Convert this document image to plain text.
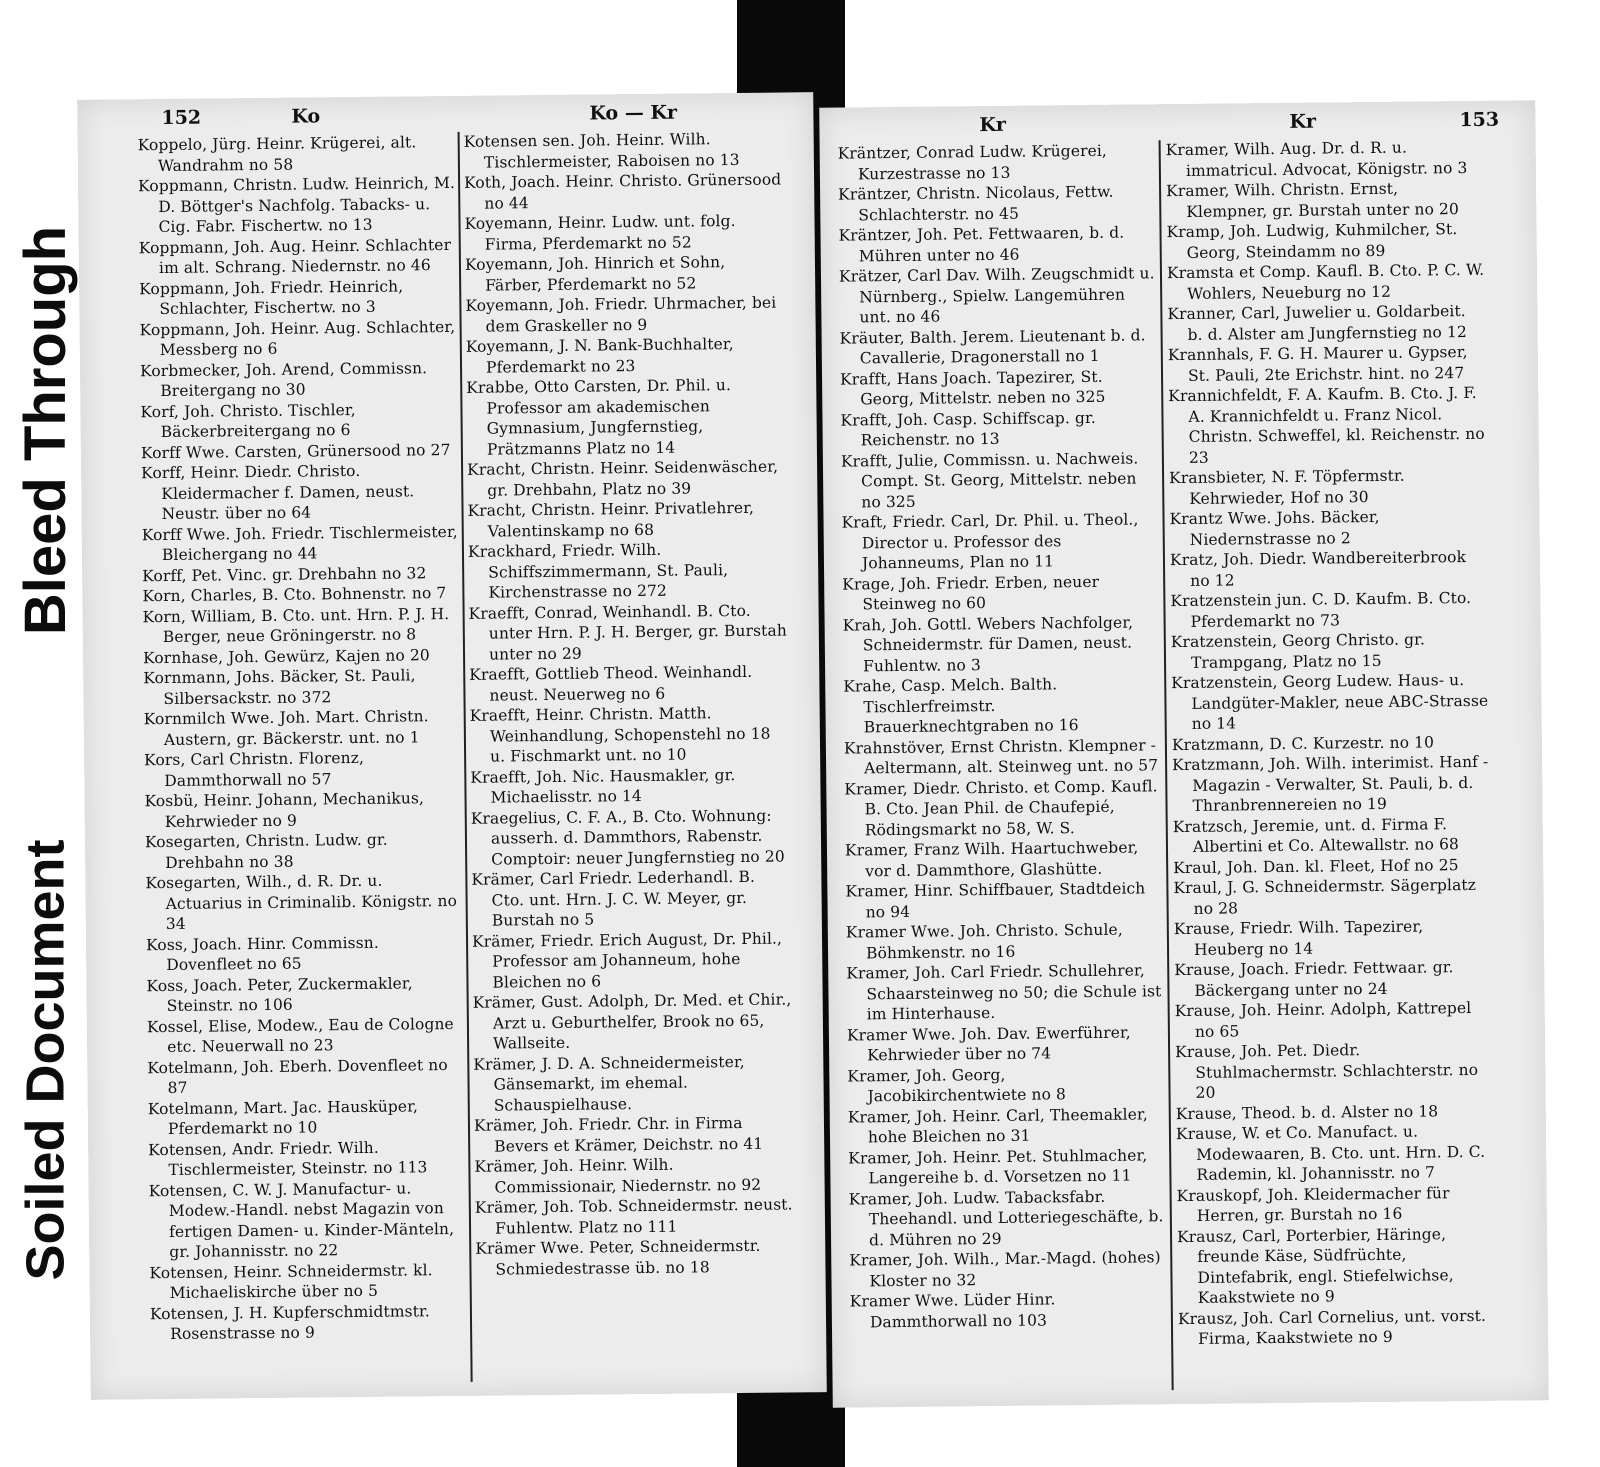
Bleed Through
Soiled Document
152	Ko	Ko — Kr

Koppelo, Jürg. Heinr. Krügerei, alt. Wandrahm no 58

Koppmann, Christn. Ludw. Heinrich, M. D. Böttger's Nachfolg. Tabacks- u. Cig. Fabr. Fischertw. no 13

Koppmann, Joh. Aug. Heinr. Schlachter im alt. Schrang. Niedernstr. no 46

Koppmann, Joh. Friedr. Heinrich, Schlachter, Fischertw. no 3

Koppmann, Joh. Heinr. Aug. Schlachter, Messberg no 6

Korbmecker, Joh. Arend, Commissn. Breitergang no 30

Korf, Joh. Christo. Tischler, Bäckerbreitergang no 6

Korff Wwe. Carsten, Grünersood no 27

Korff, Heinr. Diedr. Christo. Kleidermacher f. Damen, neust. Neustr. über no 64

Korff Wwe. Joh. Friedr. Tischlermeister, Bleichergang no 44

Korff, Pet. Vinc. gr. Drehbahn no 32

Korn, Charles, B. Cto. Bohnenstr. no 7

Korn, William, B. Cto. unt. Hrn. P. J. H. Berger, neue Gröningerstr. no 8

Kornhase, Joh. Gewürz, Kajen no 20

Kornmann, Johs. Bäcker, St. Pauli, Silbersackstr. no 372

Kornmilch Wwe. Joh. Mart. Christn. Austern, gr. Bäckerstr. unt. no 1

Kors, Carl Christn. Florenz, Dammthorwall no 57

Kosbü, Heinr. Johann, Mechanikus, Kehrwieder no 9

Kosegarten, Christn. Ludw. gr. Drehbahn no 38

Kosegarten, Wilh., d. R. Dr. u. Actuarius in Criminalib. Königstr. no 34

Koss, Joach. Hinr. Commissn. Dovenfleet no 65

Koss, Joach. Peter, Zuckermakler, Steinstr. no 106

Kossel, Elise, Modew., Eau de Cologne etc. Neuerwall no 23

Kotelmann, Joh. Eberh. Dovenfleet no 87

Kotelmann, Mart. Jac. Hausküper, Pferdemarkt no 10

Kotensen, Andr. Friedr. Wilh. Tischlermeister, Steinstr. no 113

Kotensen, C. W. J. Manufactur- u. Modew.-Handl. nebst Magazin von fertigen Damen- u. Kinder-Mänteln, gr. Johannisstr. no 22

Kotensen, Heinr. Schneidermstr. kl. Michaeliskirche über no 5

Kotensen, J. H. Kupferschmidtmstr. Rosenstrasse no 9

Kotensen sen. Joh. Heinr. Wilh. Tischlermeister, Raboisen no 13

Koth, Joach. Heinr. Christo. Grünersood no 44

Koyemann, Heinr. Ludw. unt. folg. Firma, Pferdemarkt no 52

Koyemann, Joh. Hinrich et Sohn, Färber, Pferdemarkt no 52

Koyemann, Joh. Friedr. Uhrmacher, bei dem Graskeller no 9

Koyemann, J. N. Bank-Buchhalter, Pferdemarkt no 23

Krabbe, Otto Carsten, Dr. Phil. u. Professor am akademischen Gymnasium, Jungfernstieg, Prätzmanns Platz no 14

Kracht, Christn. Heinr. Seidenwäscher, gr. Drehbahn, Platz no 39

Kracht, Christn. Heinr. Privatlehrer, Valentinskamp no 68

Krackhard, Friedr. Wilh. Schiffszimmermann, St. Pauli, Kirchenstrasse no 272

Kraefft, Conrad, Weinhandl. B. Cto. unter Hrn. P. J. H. Berger, gr. Burstah unter no 29

Kraefft, Gottlieb Theod. Weinhandl. neust. Neuerweg no 6

Kraefft, Heinr. Christn. Matth. Weinhandlung, Schopenstehl no 18 u. Fischmarkt unt. no 10

Kraefft, Joh. Nic. Hausmakler, gr. Michaelisstr. no 14

Kraegelius, C. F. A., B. Cto. Wohnung: ausserh. d. Dammthors, Rabenstr. Comptoir: neuer Jungfernstieg no 20

Krämer, Carl Friedr. Lederhandl. B. Cto. unt. Hrn. J. C. W. Meyer, gr. Burstah no 5

Krämer, Friedr. Erich August, Dr. Phil., Professor am Johanneum, hohe Bleichen no 6

Krämer, Gust. Adolph, Dr. Med. et Chir., Arzt u. Geburthelfer, Brook no 65, Wallseite.

Krämer, J. D. A. Schneidermeister, Gänsemarkt, im ehemal. Schauspielhause.

Krämer, Joh. Friedr. Chr. in Firma Bevers et Krämer, Deichstr. no 41

Krämer, Joh. Heinr. Wilh. Commissionair, Niedernstr. no 92

Krämer, Joh. Tob. Schneidermstr. neust. Fuhlentw. Platz no 111

Krämer Wwe. Peter, Schneidermstr. Schmiedestrasse üb. no 18

Kr	Kr	153

Kräntzer, Conrad Ludw. Krügerei, Kurzestrasse no 13

Kräntzer, Christn. Nicolaus, Fettw. Schlachterstr. no 45

Kräntzer, Joh. Pet. Fettwaaren, b. d. Mühren unter no 46

Krätzer, Carl Dav. Wilh. Zeugschmidt u. Nürnberg., Spielw. Langemühren unt. no 46

Kräuter, Balth. Jerem. Lieutenant b. d. Cavallerie, Dragonerstall no 1

Krafft, Hans Joach. Tapezirer, St. Georg, Mittelstr. neben no 325

Krafft, Joh. Casp. Schiffscap. gr. Reichenstr. no 13

Krafft, Julie, Commissn. u. Nachweis. Compt. St. Georg, Mittelstr. neben no 325

Kraft, Friedr. Carl, Dr. Phil. u. Theol., Director u. Professor des Johanneums, Plan no 11

Krage, Joh. Friedr. Erben, neuer Steinweg no 60

Krah, Joh. Gottl. Webers Nachfolger, Schneidermstr. für Damen, neust. Fuhlentw. no 3

Krahe, Casp. Melch. Balth. Tischlerfreimstr. Brauerknechtgraben no 16

Krahnstöver, Ernst Christn. Klempner - Aeltermann, alt. Steinweg unt. no 57

Kramer, Diedr. Christo. et Comp. Kaufl. B. Cto. Jean Phil. de Chaufepié, Rödingsmarkt no 58, W. S.

Kramer, Franz Wilh. Haartuchweber, vor d. Dammthore, Glashütte.

Kramer, Hinr. Schiffbauer, Stadtdeich no 94

Kramer Wwe. Joh. Christo. Schule, Böhmkenstr. no 16

Kramer, Joh. Carl Friedr. Schullehrer, Schaarsteinweg no 50; die Schule ist im Hinterhause.

Kramer Wwe. Joh. Dav. Ewerführer, Kehrwieder über no 74

Kramer, Joh. Georg, Jacobikirchentwiete no 8

Kramer, Joh. Heinr. Carl, Theemakler, hohe Bleichen no 31

Kramer, Joh. Heinr. Pet. Stuhlmacher, Langereihe b. d. Vorsetzen no 11

Kramer, Joh. Ludw. Tabacksfabr. Theehandl. und Lotteriegeschäfte, b. d. Mühren no 29

Kramer, Joh. Wilh., Mar.-Magd. (hohes) Kloster no 32

Kramer Wwe. Lüder Hinr. Dammthorwall no 103

Kramer, Wilh. Aug. Dr. d. R. u. immatricul. Advocat, Königstr. no 3

Kramer, Wilh. Christn. Ernst, Klempner, gr. Burstah unter no 20

Kramp, Joh. Ludwig, Kuhmilcher, St. Georg, Steindamm no 89

Kramsta et Comp. Kaufl. B. Cto. P. C. W. Wohlers, Neueburg no 12

Kranner, Carl, Juwelier u. Goldarbeit. b. d. Alster am Jungfernstieg no 12

Krannhals, F. G. H. Maurer u. Gypser, St. Pauli, 2te Erichstr. hint. no 247

Krannichfeldt, F. A. Kaufm. B. Cto. J. F. A. Krannichfeldt u. Franz Nicol. Christn. Schweffel, kl. Reichenstr. no 23

Kransbieter, N. F. Töpfermstr. Kehrwieder, Hof no 30

Krantz Wwe. Johs. Bäcker, Niedernstrasse no 2

Kratz, Joh. Diedr. Wandbereiterbrook no 12

Kratzenstein jun. C. D. Kaufm. B. Cto. Pferdemarkt no 73

Kratzenstein, Georg Christo. gr. Trampgang, Platz no 15

Kratzenstein, Georg Ludew. Haus- u. Landgüter-Makler, neue ABC-Strasse no 14

Kratzmann, D. C. Kurzestr. no 10

Kratzmann, Joh. Wilh. interimist. Hanf - Magazin - Verwalter, St. Pauli, b. d. Thranbrennereien no 19

Kratzsch, Jeremie, unt. d. Firma F. Albertini et Co. Altewallstr. no 68

Kraul, Joh. Dan. kl. Fleet, Hof no 25

Kraul, J. G. Schneidermstr. Sägerplatz no 28

Krause, Friedr. Wilh. Tapezirer, Heuberg no 14

Krause, Joach. Friedr. Fettwaar. gr. Bäckergang unter no 24

Krause, Joh. Heinr. Adolph, Kattrepel no 65

Krause, Joh. Pet. Diedr. Stuhlmachermstr. Schlachterstr. no 20

Krause, Theod. b. d. Alster no 18

Krause, W. et Co. Manufact. u. Modewaaren, B. Cto. unt. Hrn. D. C. Rademin, kl. Johannisstr. no 7

Krauskopf, Joh. Kleidermacher für Herren, gr. Burstah no 16

Krausz, Carl, Porterbier, Häringe, freunde Käse, Südfrüchte, Dintefabrik, engl. Stiefelwichse, Kaakstwiete no 9

Krausz, Joh. Carl Cornelius, unt. vorst. Firma, Kaakstwiete no 9
